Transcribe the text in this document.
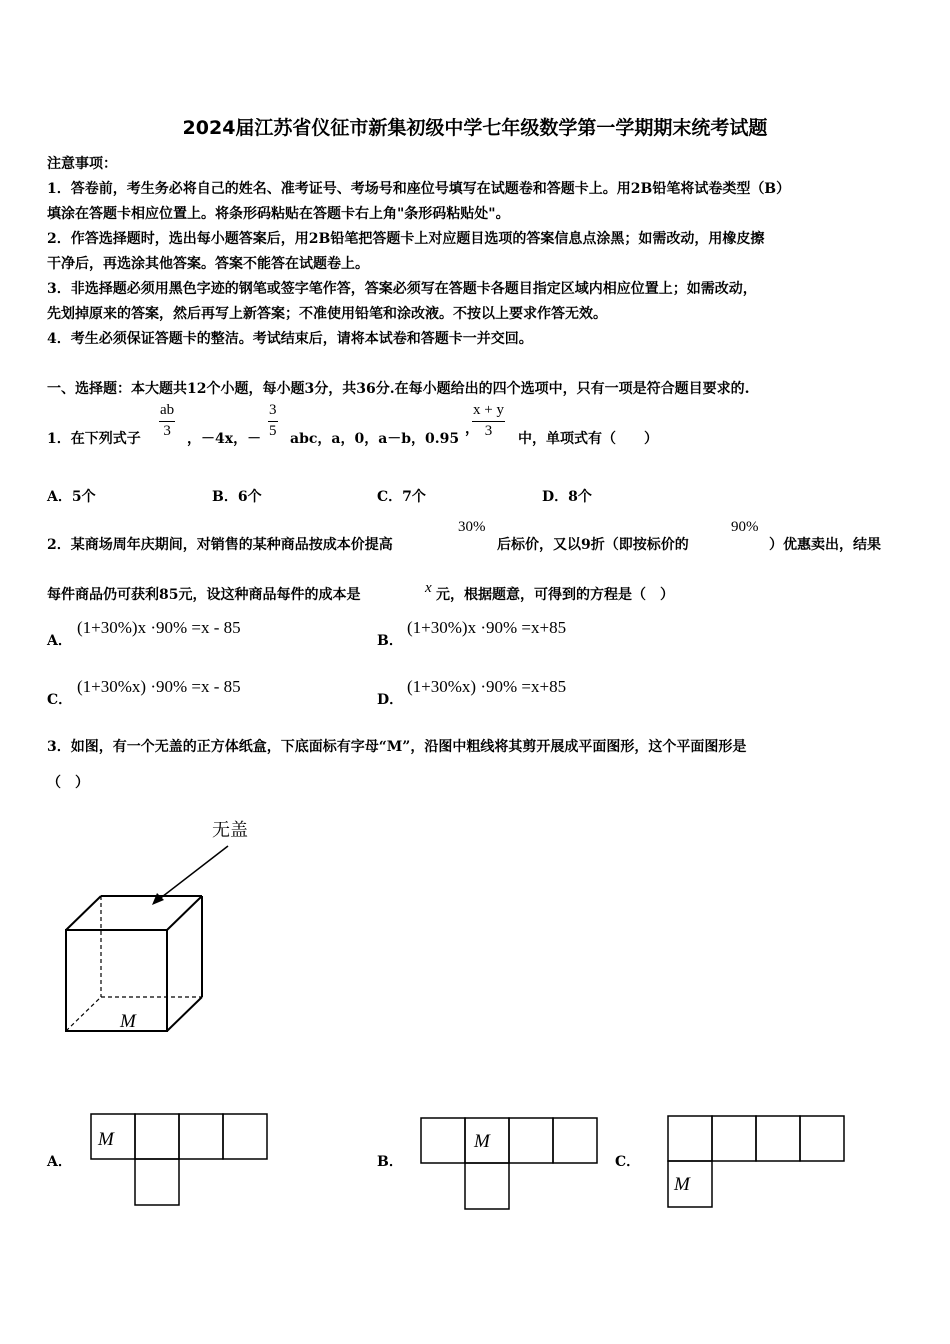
2024届江苏省仪征市新集初级中学七年级数学第一学期期末统考试题
注意事项：
1．答卷前，考生务必将自己的姓名、准考证号、考场号和座位号填写在试题卷和答题卡上。用2B铅笔将试卷类型（B）
填涂在答题卡相应位置上。将条形码粘贴在答题卡右上角"条形码粘贴处"。
2．作答选择题时，选出每小题答案后，用2B铅笔把答题卡上对应题目选项的答案信息点涂黑；如需改动，用橡皮擦
干净后，再选涂其他答案。答案不能答在试题卷上。
3．非选择题必须用黑色字迹的钢笔或签字笔作答，答案必须写在答题卡各题目指定区域内相应位置上；如需改动，
先划掉原来的答案，然后再写上新答案；不准使用铅笔和涂改液。不按以上要求作答无效。
4．考生必须保证答题卡的整洁。考试结束后，请将本试卷和答题卡一并交回。
一、选择题：本大题共12个小题，每小题3分，共36分.在每小题给出的四个选项中，只有一项是符合题目要求的.
1．在下列式子 $\frac{ab}{3}$ ，－4x，－ $\frac{3}{5}$ abc，a，0，a－b，0.95
，
$\frac{x + y}{3}$ 中，单项式有（　　）
A．5个	B．6个	C．7个	D．8个
2．某商场周年庆期间，对销售的某种商品按成本价提高
30%
后标价，又以9折（即按标价的
90%
）优惠卖出，结果
每件商品仍可获利85元，设这种商品每件的成本是	x 元，根据题意，可得到的方程是（　）
A．
(1+30%)x ·90% =x - 85
B．
(1+30%)x ·90% =x+85
C．
(1+30%x) ·90% =x - 85
D．
(1+30%x) ·90% =x+85
3．如图，有一个无盖的正方体纸盒，下底面标有字母“M”，沿图中粗线将其剪开展成平面图形，这个平面图形是
（　）
无盖
M
M
A．
M
B．
M
C．
